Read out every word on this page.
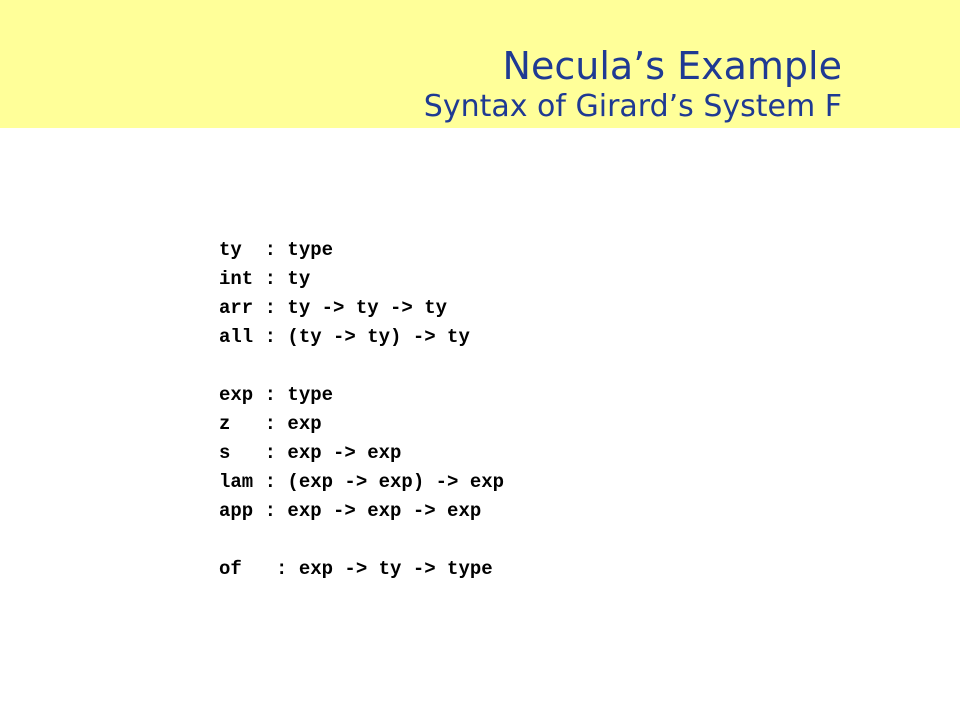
Necula’s Example
Syntax of Girard’s System F
ty  : type
int : ty
arr : ty -> ty -> ty
all : (ty -> ty) -> ty
exp : type
z   : exp
s   : exp -> exp
lam : (exp -> exp) -> exp
app : exp -> exp -> exp
of   : exp -> ty -> type
